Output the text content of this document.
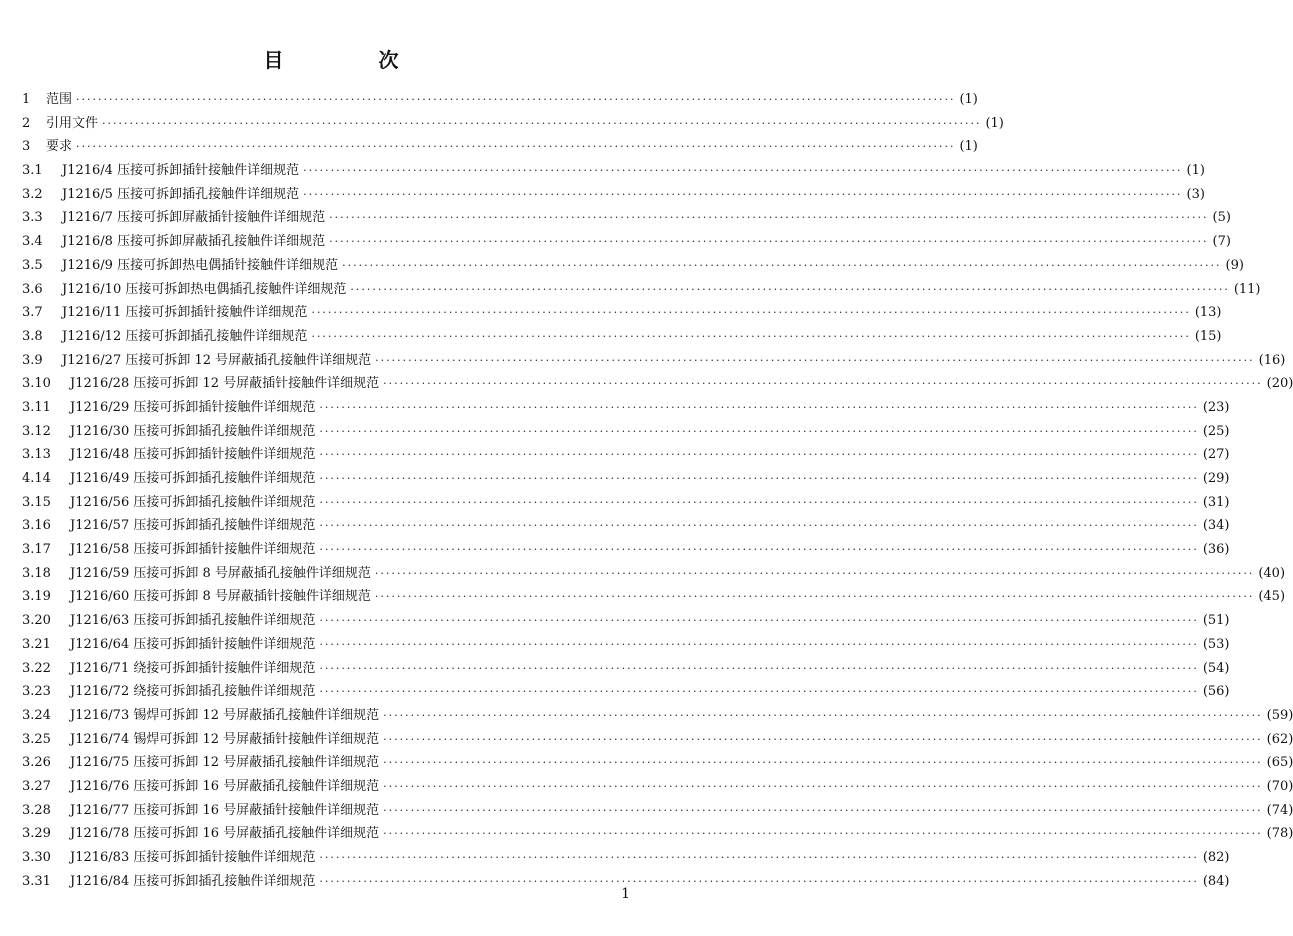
目 次
1 范围 ································································································································································ (1)
2 引用文件 ································································································································································ (1)
3 要求 ································································································································································ (1)
3.1 J1216/4 压接可拆卸插针接触件详细规范 ································································································································································ (1)
3.2 J1216/5 压接可拆卸插孔接触件详细规范 ································································································································································ (3)
3.3 J1216/7 压接可拆卸屏蔽插针接触件详细规范 ································································································································································ (5)
3.4 J1216/8 压接可拆卸屏蔽插孔接触件详细规范 ································································································································································ (7)
3.5 J1216/9 压接可拆卸热电偶插针接触件详细规范 ································································································································································ (9)
3.6 J1216/10 压接可拆卸热电偶插孔接触件详细规范 ································································································································································ (11)
3.7 J1216/11 压接可拆卸插针接触件详细规范 ································································································································································ (13)
3.8 J1216/12 压接可拆卸插孔接触件详细规范 ································································································································································ (15)
3.9 J1216/27 压接可拆卸 12 号屏蔽插孔接触件详细规范 ································································································································································ (16)
3.10 J1216/28 压接可拆卸 12 号屏蔽插针接触件详细规范 ································································································································································ (20)
3.11 J1216/29 压接可拆卸插针接触件详细规范 ································································································································································ (23)
3.12 J1216/30 压接可拆卸插孔接触件详细规范 ································································································································································ (25)
3.13 J1216/48 压接可拆卸插针接触件详细规范 ································································································································································ (27)
4.14 J1216/49 压接可拆卸插孔接触件详细规范 ································································································································································ (29)
3.15 J1216/56 压接可拆卸插孔接触件详细规范 ································································································································································ (31)
3.16 J1216/57 压接可拆卸插孔接触件详细规范 ································································································································································ (34)
3.17 J1216/58 压接可拆卸插针接触件详细规范 ································································································································································ (36)
3.18 J1216/59 压接可拆卸 8 号屏蔽插孔接触件详细规范 ································································································································································ (40)
3.19 J1216/60 压接可拆卸 8 号屏蔽插针接触件详细规范 ································································································································································ (45)
3.20 J1216/63 压接可拆卸插孔接触件详细规范 ································································································································································ (51)
3.21 J1216/64 压接可拆卸插针接触件详细规范 ································································································································································ (53)
3.22 J1216/71 绕接可拆卸插针接触件详细规范 ································································································································································ (54)
3.23 J1216/72 绕接可拆卸插孔接触件详细规范 ································································································································································ (56)
3.24 J1216/73 锡焊可拆卸 12 号屏蔽插孔接触件详细规范 ································································································································································ (59)
3.25 J1216/74 锡焊可拆卸 12 号屏蔽插针接触件详细规范 ································································································································································ (62)
3.26 J1216/75 压接可拆卸 12 号屏蔽插孔接触件详细规范 ································································································································································ (65)
3.27 J1216/76 压接可拆卸 16 号屏蔽插孔接触件详细规范 ································································································································································ (70)
3.28 J1216/77 压接可拆卸 16 号屏蔽插针接触件详细规范 ································································································································································ (74)
3.29 J1216/78 压接可拆卸 16 号屏蔽插孔接触件详细规范 ································································································································································ (78)
3.30 J1216/83 压接可拆卸插针接触件详细规范 ································································································································································ (82)
3.31 J1216/84 压接可拆卸插孔接触件详细规范 ································································································································································ (84)
1
